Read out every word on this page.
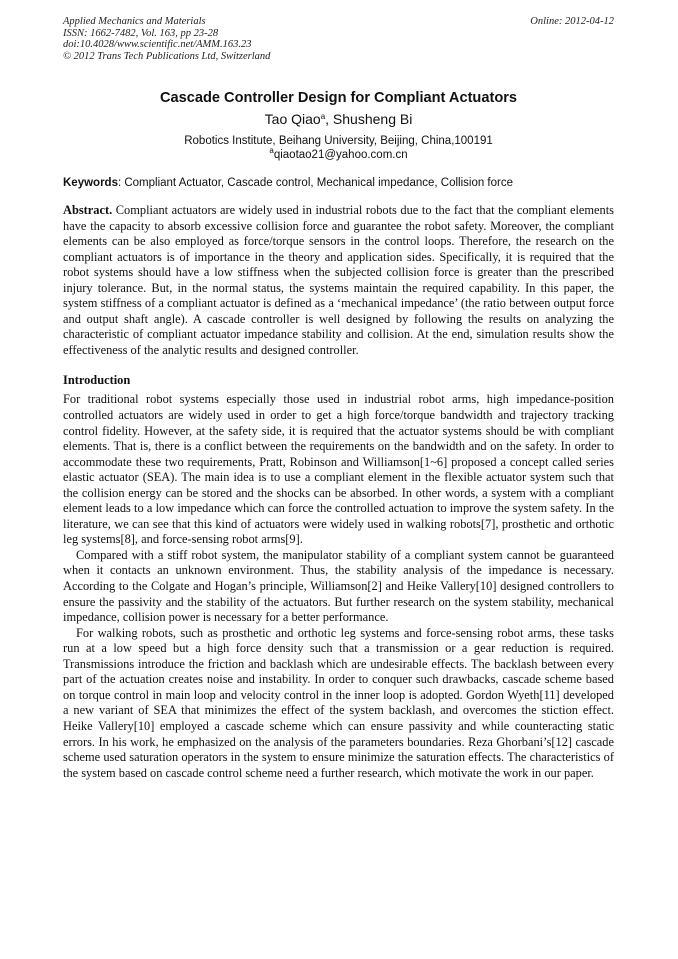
Applied Mechanics and Materials
ISSN: 1662-7482, Vol. 163, pp 23-28
doi:10.4028/www.scientific.net/AMM.163.23
© 2012 Trans Tech Publications Ltd, Switzerland
Online: 2012-04-12
Cascade Controller Design for Compliant Actuators
Tao Qiao$^a$, Shusheng Bi
Robotics Institute, Beihang University, Beijing, China,100191
$^a$qiaotao21@yahoo.com.cn
Keywords: Compliant Actuator, Cascade control, Mechanical impedance, Collision force

Abstract. Compliant actuators are widely used in industrial robots due to the fact that the compliant elements have the capacity to absorb excessive collision force and guarantee the robot safety. Moreover, the compliant elements can be also employed as force/torque sensors in the control loops. Therefore, the research on the compliant actuators is of importance in the theory and application sides. Specifically, it is required that the robot systems should have a low stiffness when the subjected collision force is greater than the prescribed injury tolerance. But, in the normal status, the systems maintain the required capability. In this paper, the system stiffness of a compliant actuator is defined as a ‘mechanical impedance’ (the ratio between output force and output shaft angle). A cascade controller is well designed by following the results on analyzing the characteristic of compliant actuator impedance stability and collision. At the end, simulation results show the effectiveness of the analytic results and designed controller.

Introduction

For traditional robot systems especially those used in industrial robot arms, high impedance-position controlled actuators are widely used in order to get a high force/torque bandwidth and trajectory tracking control fidelity. However, at the safety side, it is required that the actuator systems should be with compliant elements. That is, there is a conflict between the requirements on the bandwidth and on the safety. In order to accommodate these two requirements, Pratt, Robinson and Williamson[1~6] proposed a concept called series elastic actuator (SEA). The main idea is to use a compliant element in the flexible actuator system such that the collision energy can be stored and the shocks can be absorbed. In other words, a system with a compliant element leads to a low impedance which can force the controlled actuation to improve the system safety. In the literature, we can see that this kind of actuators were widely used in walking robots[7], prosthetic and orthotic leg systems[8], and force-sensing robot arms[9].

Compared with a stiff robot system, the manipulator stability of a compliant system cannot be guaranteed when it contacts an unknown environment. Thus, the stability analysis of the impedance is necessary. According to the Colgate and Hogan’s principle, Williamson[2] and Heike Vallery[10] designed controllers to ensure the passivity and the stability of the actuators. But further research on the system stability, mechanical impedance, collision power is necessary for a better performance.

For walking robots, such as prosthetic and orthotic leg systems and force-sensing robot arms, these tasks run at a low speed but a high force density such that a transmission or a gear reduction is required. Transmissions introduce the friction and backlash which are undesirable effects. The backlash between every part of the actuation creates noise and instability. In order to conquer such drawbacks, cascade scheme based on torque control in main loop and velocity control in the inner loop is adopted. Gordon Wyeth[11] developed a new variant of SEA that minimizes the effect of the system backlash, and overcomes the stiction effect. Heike Vallery[10] employed a cascade scheme which can ensure passivity and while counteracting static errors. In his work, he emphasized on the analysis of the parameters boundaries. Reza Ghorbani’s[12] cascade scheme used saturation operators in the system to ensure minimize the saturation effects. The characteristics of the system based on cascade control scheme need a further research, which motivate the work in our paper.
